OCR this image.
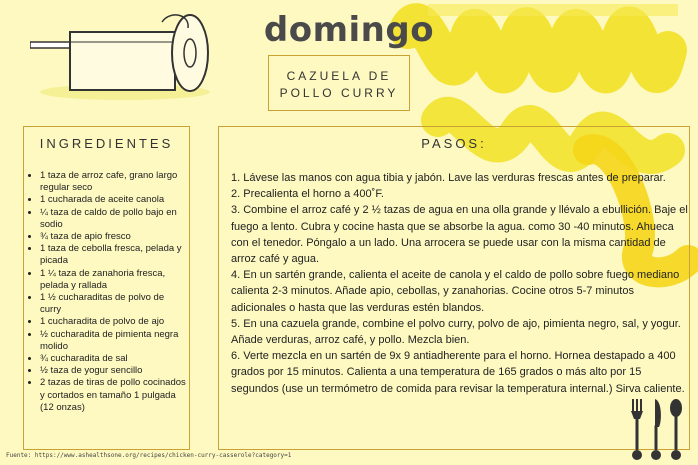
domingo
CAZUELA DE
POLLO CURRY
INGREDIENTES
• 1 taza de arroz cafe, grano largo regular seco
• 1 cucharada de aceite canola
• ¼ taza de caldo de pollo bajo en sodio
• ¾ taza de apio fresco
• 1 taza de cebolla fresca, pelada y picada
• 1 ¼ taza de zanahoria fresca, pelada y rallada
• 1 ½ cucharaditas de polvo de curry
• 1 cucharadita de polvo de ajo
• ½ cucharadita de pimienta negra molido
• ¾ cucharadita de sal
• ½ taza de yogur sencillo
• 2 tazas de tiras de pollo cocinados y cortados en tamaño 1 pulgada (12 onzas)
PASOS:

1. Lávese las manos con agua tibia y jabón. Lave las verduras frescas antes de preparar.

2. Precalienta el horno a 400˚F.

3. Combine el arroz café y 2 ½ tazas de agua en una olla grande y llévalo a ebullición. Baje el fuego a lento. Cubra y cocine hasta que se absorbe la agua. como 30 -40 minutos. Ahueca con el tenedor. Póngalo a un lado. Una arrocera se puede usar con la misma cantidad de arroz café y agua.

4. En un sartén grande, calienta el aceite de canola y el caldo de pollo sobre fuego mediano calienta 2-3 minutos. Añade apio, cebollas, y zanahorias. Cocine otros 5-7 minutos adicionales o hasta que las verduras estén blandos.

5. En una cazuela grande, combine el polvo curry, polvo de ajo, pimienta negro, sal, y yogur. Añade verduras, arroz café, y pollo. Mezcla bien.

6. Verte mezcla en un sartén de 9x 9 antiadherente para el horno. Hornea destapado a 400 grados por 15 minutos. Calienta a una temperatura de 165 grados o más alto por 15 segundos (use un termómetro de comida para revisar la temperatura internal.) Sirva caliente.

Fuente: https://www.ashealthsone.org/recipes/chicken-curry-casserole?category=1
